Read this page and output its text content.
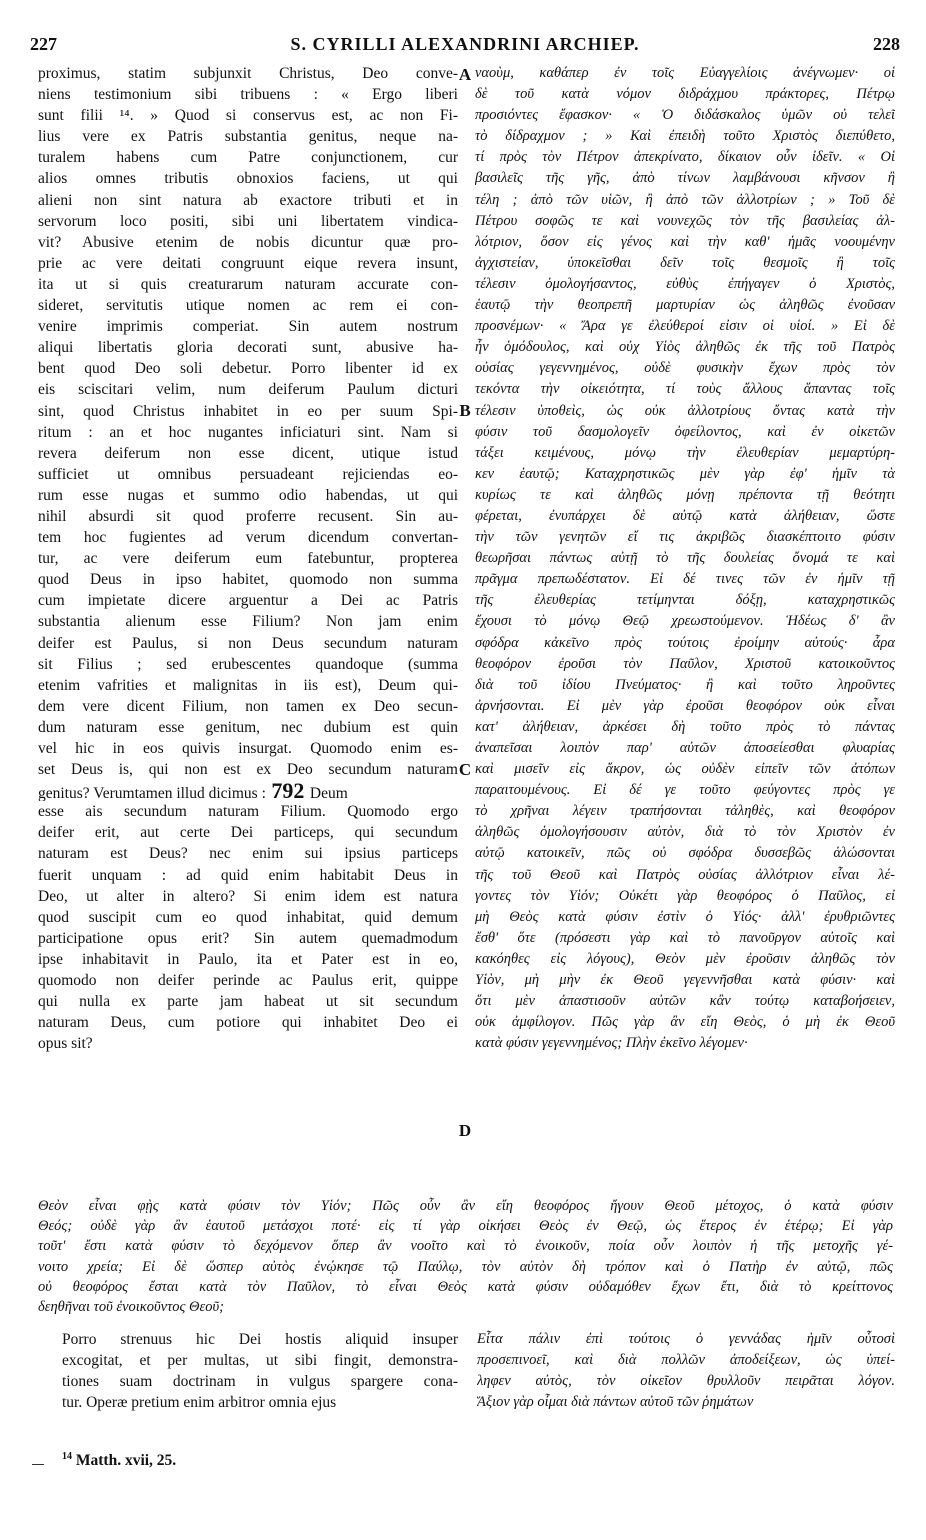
227	S. CYRILLI ALEXANDRINI ARCHIEP.	228
proximus, statim subjunxit Christus, Deo conve-
niens testimonium sibi tribuens : « Ergo liberi
sunt filii ¹⁴. » Quod si conservus est, ac non Fi-
lius vere ex Patris substantia genitus, neque na-
turalem habens cum Patre conjunctionem, cur
alios omnes tributis obnoxios faciens, ut qui
alieni non sint natura ab exactore tributi et in
servorum loco positi, sibi uni libertatem vindica-
vit? Abusive etenim de nobis dicuntur quæ pro-
prie ac vere deitati congruunt eique revera insunt,
ita ut si quis creaturarum naturam accurate con-
sideret, servitutis utique nomen ac rem ei con-
venire imprimis comperiat. Sin autem nostrum
aliqui libertatis gloria decorati sunt, abusive ha-
bent quod Deo soli debetur. Porro libenter id ex
eis sciscitari velim, num deiferum Paulum dicturi
sint, quod Christus inhabitet in eo per suum Spi-
ritum : an et hoc nugantes inficiaturi sint. Nam si
revera deiferum non esse dicent, utique istud
sufficiet ut omnibus persuadeant rejiciendas eo-
rum esse nugas et summo odio habendas, ut qui
nihil absurdi sit quod proferre recusent. Sin au-
tem hoc fugientes ad verum dicendum convertan-
tur, ac vere deiferum eum fatebuntur, propterea
quod Deus in ipso habitet, quomodo non summa
cum impietate dicere arguentur a Dei ac Patris
substantia alienum esse Filium? Non jam enim
deifer est Paulus, si non Deus secundum naturam
sit Filius ; sed erubescentes quandoque (summa
etenim vafrities et malignitas in iis est), Deum qui-
dem vere dicent Filium, non tamen ex Deo secun-
dum naturam esse genitum, nec dubium est quin
vel hic in eos quivis insurgat. Quomodo enim es-
set Deus is, qui non est ex Deo secundum naturam
genitus? Verumtamen illud dicimus : 792 Deum
esse ais secundum naturam Filium. Quomodo ergo
deifer erit, aut certe Dei particeps, qui secundum
naturam est Deus? nec enim sui ipsius particeps
fuerit unquam : ad quid enim habitabit Deus in
Deo, ut alter in altero? Si enim idem est natura
quod suscipit cum eo quod inhabitat, quid demum
participatione opus erit? Sin autem quemadmodum
ipse inhabitavit in Paulo, ita et Pater est in eo,
quomodo non deifer perinde ac Paulus erit, quippe
qui nulla ex parte jam habeat ut sit secundum
naturam Deus, cum potiore qui inhabitet Deo ei
opus sit?
ναοὺμ, καθάπερ ἐν τοῖς Εὐαγγελίοις ἀνέγνωμεν· οἱ
δὲ τοῦ κατὰ νόμον διδράχμου πράκτορες, Πέτρῳ
προσιόντες ἔφασκον· « Ὁ διδάσκαλος ὑμῶν οὐ τελεῖ
τὸ δίδραχμον ; » Καὶ ἐπειδὴ τοῦτο Χριστὸς διεπύθετο,
τί πρὸς τὸν Πέτρον ἀπεκρίνατο, δίκαιον οὖν ἰδεῖν. « Οἱ
βασιλεῖς τῆς γῆς, ἀπὸ τίνων λαμβάνουσι κῆνσον ἢ
τέλη ; ἀπὸ τῶν υἱῶν, ἢ ἀπὸ τῶν ἀλλοτρίων ; » Τοῦ δὲ
Πέτρου σοφῶς τε καὶ νουνεχῶς τὸν τῆς βασιλείας ἀλ-
λότριον, ὅσον εἰς γένος καὶ τὴν καθ' ἡμᾶς νοουμένην
ἀγχιστείαν, ὑποκεῖσθαι δεῖν τοῖς θεσμοῖς ἢ τοῖς
τέλεσιν ὁμολογήσαντος, εὐθὺς ἐπήγαγεν ὁ Χριστὸς,
ἑαυτῷ τὴν θεοπρεπῆ μαρτυρίαν ὡς ἀληθῶς ἐνοῦσαν
προσνέμων· « Ἄρα γε ἐλεύθεροί εἰσιν οἱ υἱοί. » Εἰ δὲ
ἦν ὁμόδουλος, καὶ οὐχ Υἱὸς ἀληθῶς ἐκ τῆς τοῦ Πατρὸς
οὐσίας γεγεννημένος, οὐδὲ φυσικὴν ἔχων πρὸς τὸν
τεκόντα τὴν οἰκειότητα, τί τοὺς ἄλλους ἅπαντας τοῖς
τέλεσιν ὑποθεὶς, ὡς οὐκ ἀλλοτρίους ὄντας κατὰ τὴν
φύσιν τοῦ δασμολογεῖν ὀφείλοντος, καὶ ἐν οἰκετῶν
τάξει κειμένους, μόνῳ τὴν ἐλευθερίαν μεμαρτύρη-
κεν ἑαυτῷ; Καταχρηστικῶς μὲν γὰρ ἐφ' ἡμῖν τὰ
κυρίως τε καὶ ἀληθῶς μόνῃ πρέποντα τῇ θεότητι
φέρεται, ἐνυπάρχει δὲ αὐτῷ κατὰ ἀλήθειαν, ὥστε
τὴν τῶν γενητῶν εἴ τις ἀκριβῶς διασκέπτοιτο φύσιν
θεωρῆσαι πάντως αὐτῇ τὸ τῆς δουλείας ὄνομά τε καὶ
πρᾶγμα πρεπωδέστατον. Εἰ δέ τινες τῶν ἐν ἡμῖν τῇ
τῆς ἐλευθερίας τετίμηνται δόξῃ, καταχρηστικῶς
ἔχουσι τὸ μόνῳ Θεῷ χρεωστούμενον. Ἡδέως δ' ἂν
σφόδρα κἀκεῖνο πρὸς τούτοις ἐροίμην αὐτούς· ἆρα
θεοφόρον ἐροῦσι τὸν Παῦλον, Χριστοῦ κατοικοῦντος
διὰ τοῦ ἰδίου Πνεύματος· ἢ καὶ τοῦτο ληροῦντες
ἀρνήσονται. Εἰ μὲν γὰρ ἐροῦσι θεοφόρον οὐκ εἶναι
κατ' ἀλήθειαν, ἀρκέσει δὴ τοῦτο πρὸς τὸ πάντας
ἀναπεῖσαι λοιπὸν παρ' αὐτῶν ἀποσείεσθαι φλυαρίας
καὶ μισεῖν εἰς ἄκρον, ὡς οὐδὲν εἰπεῖν τῶν ἀτόπων
παραιτουμένους. Εἰ δέ γε τοῦτο φεύγοντες πρὸς γε
τὸ χρῆναι λέγειν τραπήσονται τἀληθὲς, καὶ θεοφόρον
ἀληθῶς ὁμολογήσουσιν αὐτὸν, διὰ τὸ τὸν Χριστὸν ἐν
αὐτῷ κατοικεῖν, πῶς οὐ σφόδρα δυσσεβῶς ἁλώσονται
τῆς τοῦ Θεοῦ καὶ Πατρὸς οὐσίας ἀλλότριον εἶναι λέ-
γοντες τὸν Υἱόν; Οὐκέτι γὰρ θεοφόρος ὁ Παῦλος, εἰ
μὴ Θεὸς κατὰ φύσιν ἐστὶν ὁ Υἱός· ἀλλ' ἐρυθριῶντες
ἔσθ' ὅτε (πρόσεστι γὰρ καὶ τὸ πανοῦργον αὐτοῖς καὶ
κακόηθες εἰς λόγους), Θεὸν μὲν ἐροῦσιν ἀληθῶς τὸν
Υἱὸν, μὴ μὴν ἐκ Θεοῦ γεγεννῆσθαι κατὰ φύσιν· καὶ
ὅτι μὲν ἀπαστισοῦν αὐτῶν κἂν τούτῳ καταβοήσειεν,
οὐκ ἀμφίλογον. Πῶς γὰρ ἂν εἴη Θεὸς, ὁ μὴ ἐκ Θεοῦ
κατὰ φύσιν γεγεννημένος; Πλὴν ἐκεῖνο λέγομεν·
A
B
C
D
Θεὸν εἶναι φῂς κατὰ φύσιν τὸν Υἱόν; Πῶς οὖν ἂν εἴη θεοφόρος ἤγουν Θεοῦ μέτοχος, ὁ κατὰ φύσιν
Θεός; οὐδὲ γὰρ ἂν ἑαυτοῦ μετάσχοι ποτέ· εἰς τί γὰρ οἰκήσει Θεὸς ἐν Θεῷ, ὡς ἕτερος ἐν ἑτέρῳ; Εἰ γὰρ
τοῦτ' ἔστι κατὰ φύσιν τὸ δεχόμενον ὅπερ ἂν νοοῖτο καὶ τὸ ἐνοικοῦν, ποία οὖν λοιπὸν ἡ τῆς μετοχῆς γέ-
νοιτο χρεία; Εἰ δὲ ὥσπερ αὐτὸς ἐνῴκησε τῷ Παύλῳ, τὸν αὐτὸν δὴ τρόπον καὶ ὁ Πατὴρ ἐν αὐτῷ, πῶς
οὐ θεοφόρος ἔσται κατὰ τὸν Παῦλον, τὸ εἶναι Θεὸς κατὰ φύσιν οὐδαμόθεν ἔχων ἔτι, διὰ τὸ κρείττονος
δεηθῆναι τοῦ ἐνοικοῦντος Θεοῦ;
Porro strenuus hic Dei hostis aliquid insuper
excogitat, et per multas, ut sibi fingit, demonstra-
tiones suam doctrinam in vulgus spargere cona-
tur. Operæ pretium enim arbitror omnia ejus
Εἶτα πάλιν ἐπὶ τούτοις ὁ γεννάδας ἡμῖν οὗτοσὶ
προσεπινοεῖ, καὶ διὰ πολλῶν ἀποδείξεων, ὡς ὑπεί-
ληφεν αὐτὸς, τὸν οἰκεῖον θρυλλοῦν πειρᾶται λόγον.
Ἄξιον γὰρ οἶμαι διὰ πάντων αὐτοῦ τῶν ῥημάτων
$^{14}$ Matth. xvii, 25.
